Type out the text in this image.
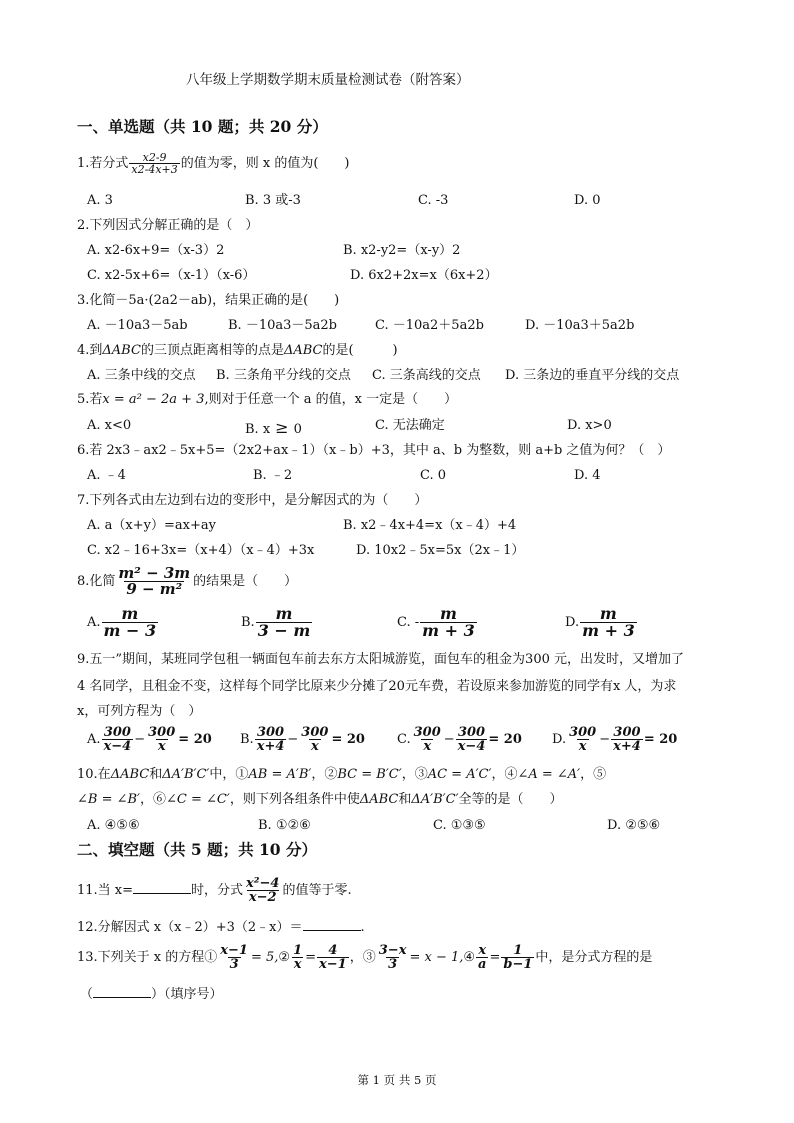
八年级上学期数学期末质量检测试卷（附答案）
一、单选题（共 10 题；共 20 分）
1.若分式 $\frac{x2-9}{x2-4x+3}$ 的值为零，则 x 的值为(　　)
A. 3	B. 3 或-3	C. -3	D. 0
2.下列因式分解正确的是（　）
A. x2-6x+9=（x-3）2	B. x2-y2=（x-y）2
C. x2-5x+6=（x-1）（x-6）	D. 6x2+2x=x（6x+2）
3.化简－5a·(2a2－ab)，结果正确的是(　　)
A. －10a3－5ab	B. －10a3－5a2b	C. －10a2＋5a2b	D. －10a3＋5a2b
4.到ΔABC的三顶点距离相等的点是ΔABC的是(　　　)
A. 三条中线的交点 B. 三条角平分线的交点 C. 三条高线的交点 D. 三条边的垂直平分线的交点
5.若x = a² − 2a + 3,则对于任意一个 a 的值，x 一定是（　　）
A. x<0	B. x ≥ 0	C. 无法确定	D. x>0
6.若 2x3﹣ax2﹣5x+5=（2x2+ax﹣1）（x﹣b）+3，其中 a、b 为整数，则 a+b 之值为何？（　）
A. ﹣4	B. ﹣2	C. 0	D. 4
7.下列各式由左边到右边的变形中，是分解因式的为（　　）
A. a（x+y）=ax+ay	B. x2﹣4x+4=x（x﹣4）+4
C. x2﹣16+3x=（x+4）（x﹣4）+3x	D. 10x2﹣5x=5x（2x﹣1）
8.化简 $\frac{\text{m² − 3m}}{\text{9 − m²}}$ 的结果是（　　）
A. $\frac{m}{m - 3}$	B. $\frac{m}{3 - m}$	C. - $\frac{m}{m + 3}$	D. $\frac{m}{m + 3}$
9.五一”期间，某班同学包租一辆面包车前去东方太阳城游览，面包车的租金为300 元，出发时，又增加了
4 名同学，且租金不变，这样每个同学比原来少分摊了20元车费，若设原来参加游览的同学有x 人，为求
x，可列方程为（　）
A. $\frac{300}{x-4} - \frac{300}{x} = 20$ B. $\frac{300}{x+4} - \frac{300}{x} = 20$ C. $\frac{300}{x} - \frac{300}{x-4} = 20$ D. $\frac{300}{x} - \frac{300}{x+4} = 20$
10.在ΔABC和ΔA′B′C′中，①AB = A′B′，②BC = B′C′，③AC = A′C′，④∠A = ∠A′，⑤
∠B = ∠B′，⑥∠C = ∠C′，则下列各组条件中使ΔABC和ΔA′B′C′全等的是（　　）
A. ④⑤⑥	B. ①②⑥	C. ①③⑤	D. ②⑤⑥
二、填空题（共 5 题；共 10 分）
11.当 x=	时，分式 $\frac{\text{x²−4}}{x-2}$ 的值等于零.
12.分解因式 x（x﹣2）+3（2﹣x）＝	.
13.下列关于 x 的方程① $\frac{x-1}{3}$ = 5,② $\frac{1}{x} = \frac{4}{x-1}$ ，③ $\frac{3-x}{3} = x$ − 1,④ $\frac{x}{a} = \frac{1}{b-1}$ 中，是分式方程的是
（	）（填序号）
第 1 页 共 5 页
